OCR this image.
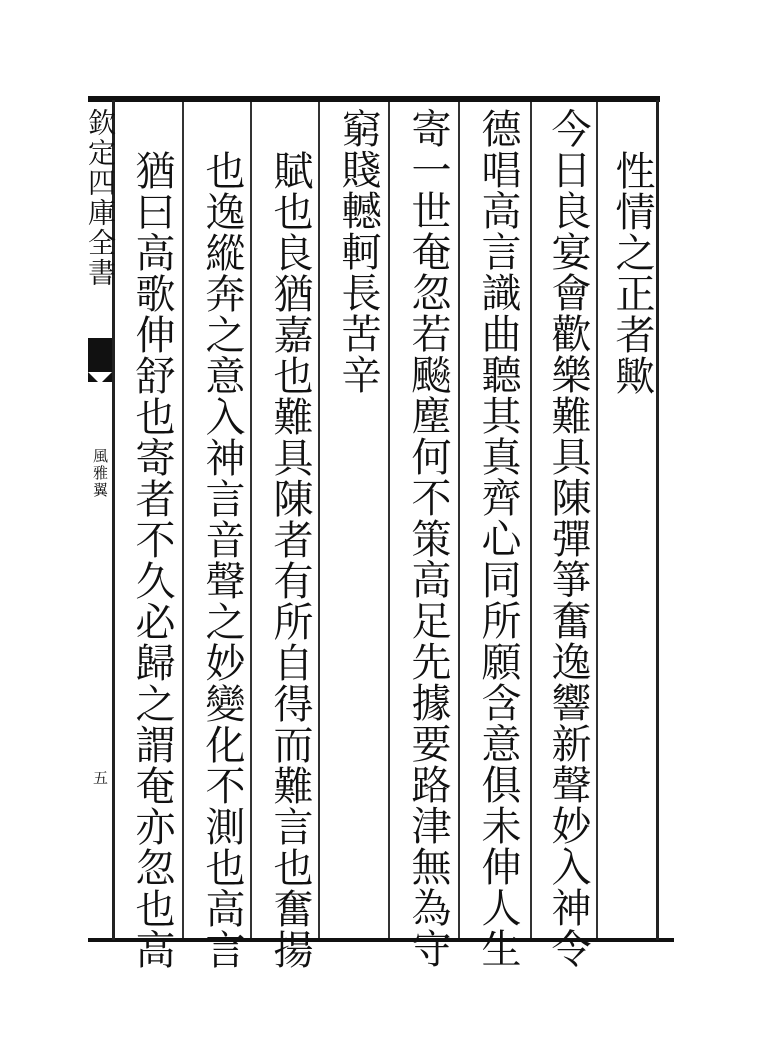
欽定四庫全書
風雅翼
五
性情之正者歟
今日良宴會歡樂難具陳彈箏奮逸響新聲妙入神令
德唱高言識曲聽其真齊心同所願含意俱未伸人生
寄一世奄忽若飈塵何不策高足先據要路津無為守
窮賤轗軻長苦辛
賦也良猶嘉也難具陳者有所自得而難言也奮揚
也逸縱奔之意入神言音聲之妙變化不測也高言
猶曰高歌伸舒也寄者不久必歸之謂奄亦忽也高
